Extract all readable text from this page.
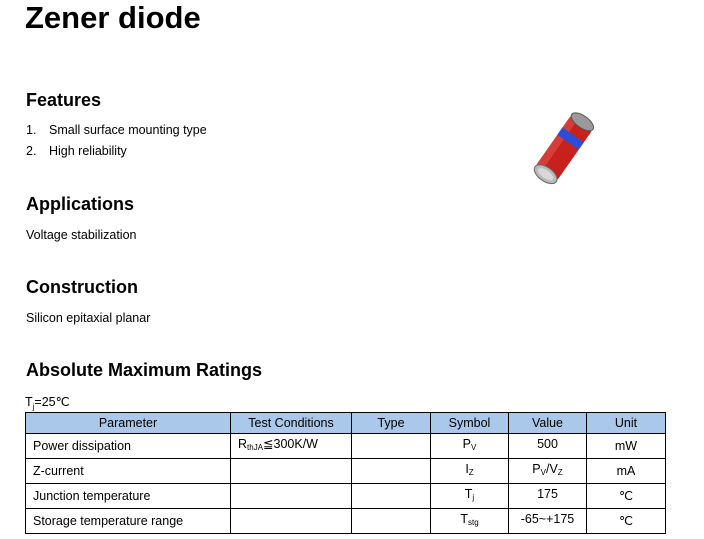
Zener diode
Features
1.	Small surface mounting type
2.	High reliability
Applications

Voltage stabilization

Construction

Silicon epitaxial planar

Absolute Maximum Ratings
$T_j=25℃$
Parameter	Test Conditions	Type	Symbol	Value	Unit
Power dissipation	$R_{thJA}≦300K/W$		$P_V$	500	mW
Z-current			$I_Z$	$P_V/V_Z$	mA
Junction temperature			$T_j$	175	℃
Storage temperature range			$T_{stg}$	-65~+175	℃
